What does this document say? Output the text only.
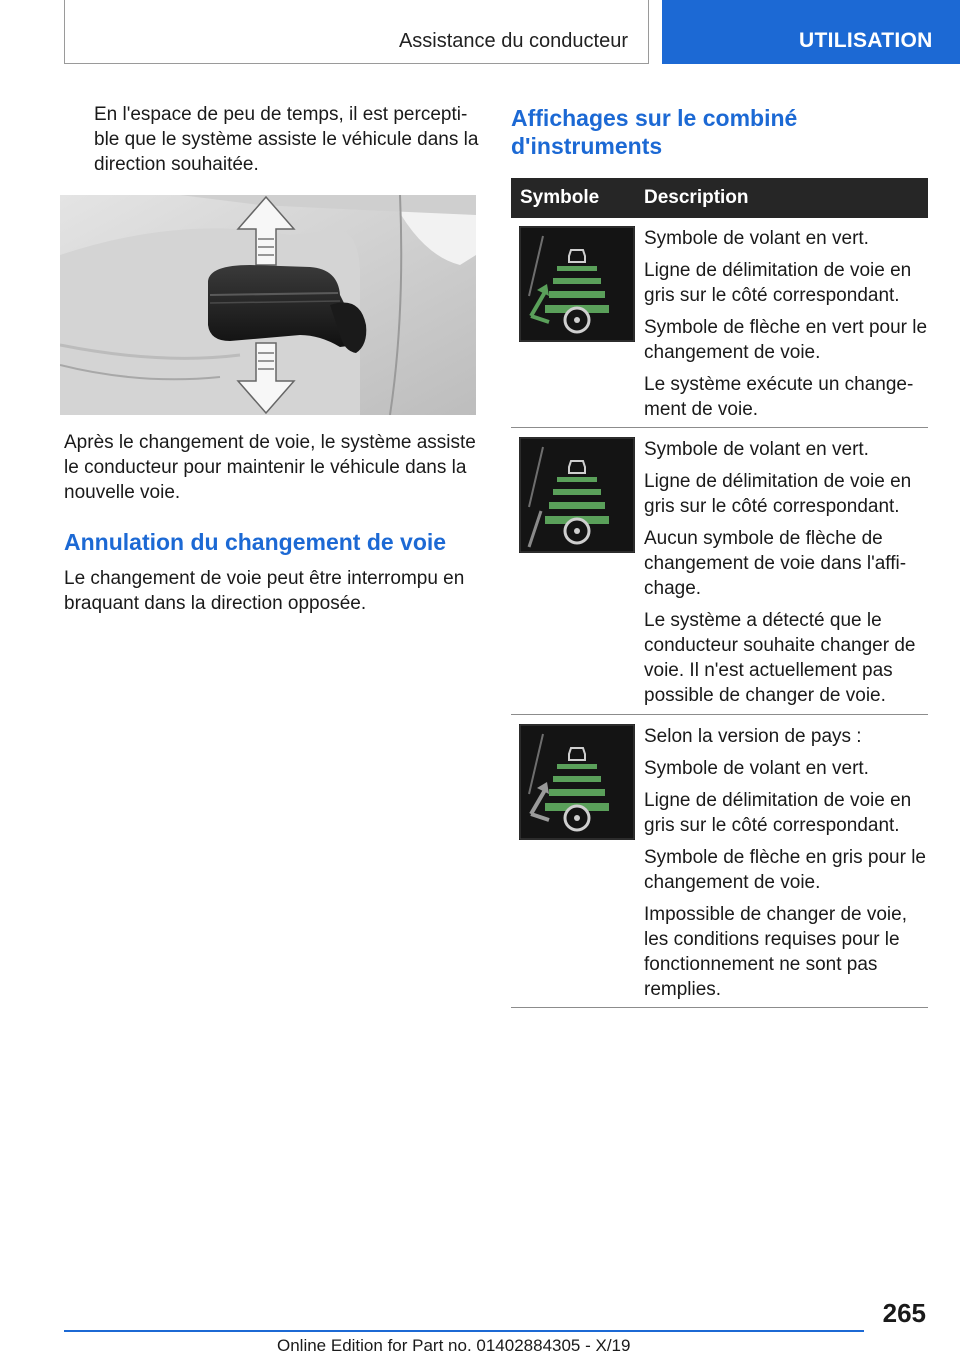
Assistance du conducteur	UTILISATION
En l'espace de peu de temps, il est percepti-
ble que le système assiste le véhicule dans la
direction souhaitée.
Après le changement de voie, le système assiste
le conducteur pour maintenir le véhicule dans la
nouvelle voie.
Annulation du changement de voie
Le changement de voie peut être interrompu en
braquant dans la direction opposée.
Affichages sur le combiné
d'instruments
Symbole Description
Symbole de volant en vert.
Ligne de délimitation de voie en gris sur le côté correspondant.
Symbole de flèche en vert pour le changement de voie.
Le système exécute un change-ment de voie.
Symbole de volant en vert.
Ligne de délimitation de voie en gris sur le côté correspondant.
Aucun symbole de flèche de changement de voie dans l'affi-chage.
Le système a détecté que le conducteur souhaite changer de voie. Il n'est actuellement pas possible de changer de voie.
Selon la version de pays :
Symbole de volant en vert.
Ligne de délimitation de voie en gris sur le côté correspondant.
Symbole de flèche en gris pour le changement de voie.
Impossible de changer de voie, les conditions requises pour le fonctionnement ne sont pas remplies.
265
Online Edition for Part no. 01402884305 - X/19
